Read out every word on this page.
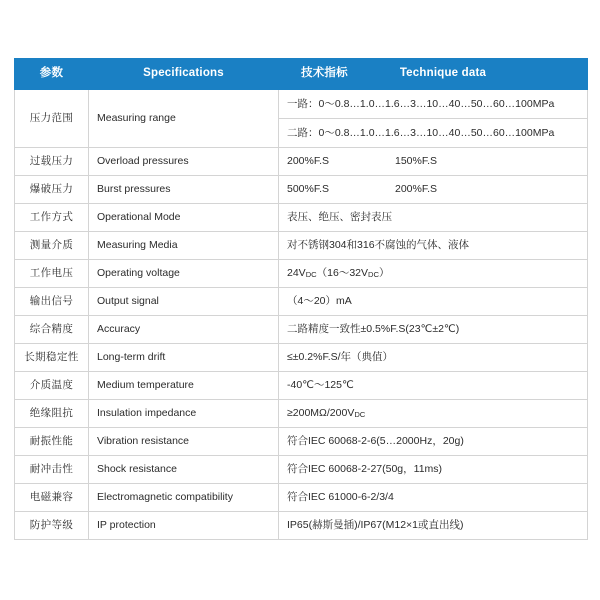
参数	Specifications	技术指标 Technique data

压力范围	Measuring range	一路：0～0.8…1.0…1.6…3…10…40…50…60…100MPa
		二路：0～0.8…1.0…1.6…3…10…40…50…60…100MPa
过载压力	Overload pressures	200%F.S 150%F.S

爆破压力	Burst pressures	500%F.S 200%F.S

工作方式	Operational Mode	表压、绝压、密封表压
测量介质	Measuring Media	对不锈钢304和316不腐蚀的气体、液体
工作电压	Operating voltage	$24V_{DC}(16\sim 32V_{DC})$
输出信号	Output signal	（4～20）mA
综合精度	Accuracy	二路精度一致性±0.5%F.S(23℃±2℃)
长期稳定性	Long-term drift	≤±0.2%F.S/年（典值）
介质温度	Medium temperature	-40℃～125℃
绝缘阻抗	Insulation impedance	$\ge 200M\Omega/200V_{DC}$
耐振性能	Vibration resistance	符合IEC 60068-2-6(5…2000Hz，20g)
耐冲击性	Shock resistance	符合IEC 60068-2-27(50g，11ms)
电磁兼容	Electromagnetic compatibility	符合IEC 61000-6-2/3/4
防护等级	IP protection	IP65(赫斯曼插)/IP67(M12×1或直出线)
